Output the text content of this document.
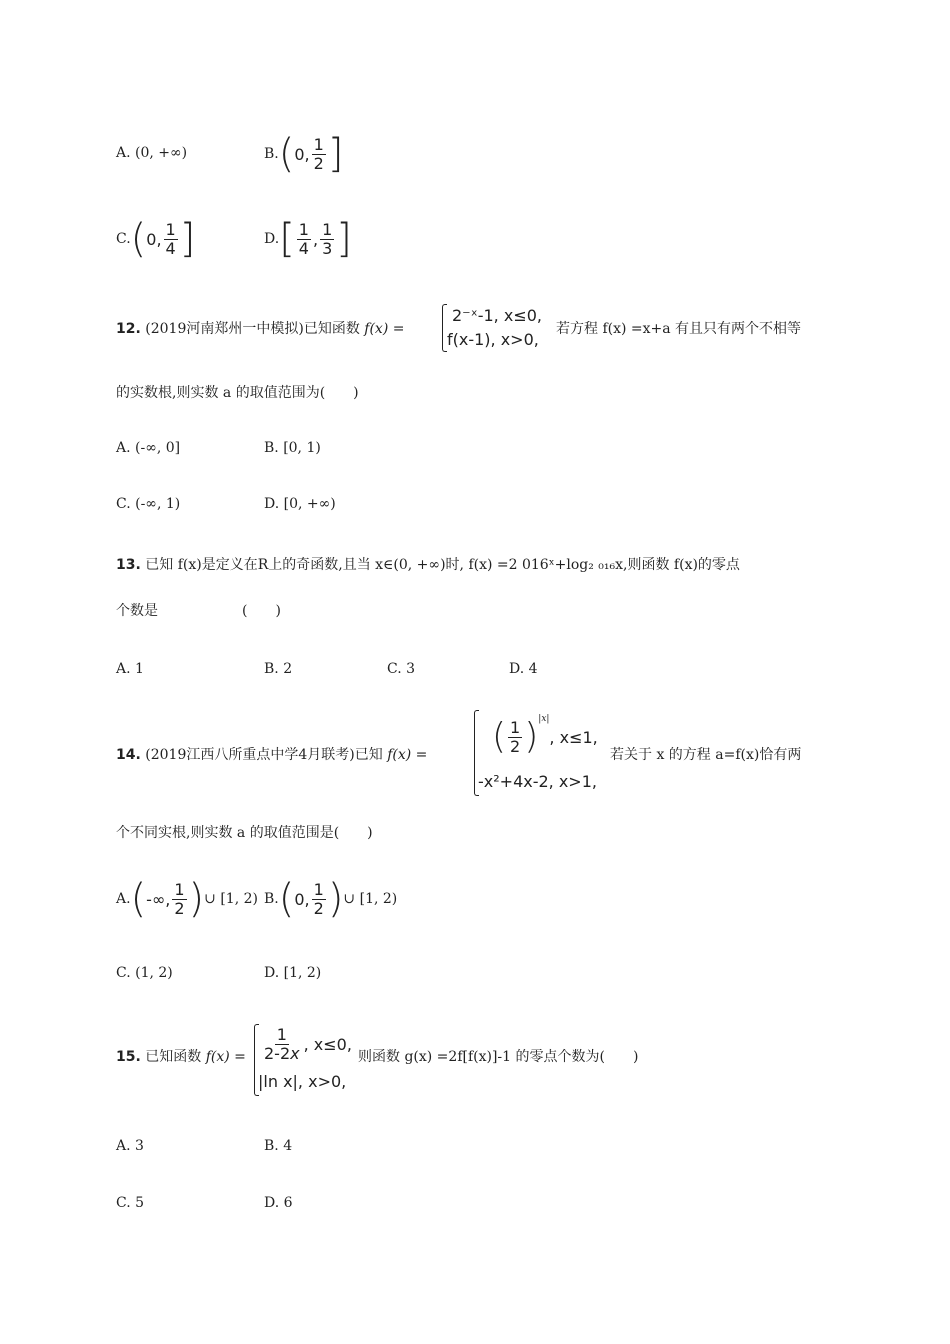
A. (0, +∞)	B. ( 0, $\frac{1}{2}$ ]
C. ( 0, $\frac{1}{4}$ ]	D. [ $\frac{1}{4}$ , $\frac{1}{3}$ ]
12. (2019河南郑州一中模拟)已知函数 f(x) =
2⁻ˣ-1, x≤0,
f(x-1), x>0,
若方程 f(x) =x+a 有且只有两个不相等
的实数根,则实数 a 的取值范围为(　　)
A. (-∞, 0]	B. [0, 1)
C. (-∞, 1)	D. [0, +∞)
13. 已知 f(x)是定义在R上的奇函数,且当 x∈(0, +∞)时, f(x) =2 016ˣ+log₂ ₀₁₆x,则函数 f(x)的零点
个数是　　　　　　(　　)
A. 1	B. 2	C. 3	D. 4
14. (2019江西八所重点中学4月联考)已知 f(x) = ( $\frac{1}{2} )^{|x|}$
, x≤1,
-x²+4x-2, x>1,
若关于 x 的方程 a=f(x)恰有两
个不同实根,则实数 a 的取值范围是(　　)
A. ( -∞, $\frac{1}{2}$ ) ∪ [1, 2) B. ( 0, $\frac{1}{2}$ ) ∪ [1, 2)
C. (1, 2)	D. [1, 2)
15. 已知函数 $f(x) = \frac{1}{2-2x}$ , x≤0,
|ln x|, x>0,
则函数 g(x) =2f[f(x)]-1 的零点个数为(　　)
A. 3	B. 4
C. 5	D. 6
